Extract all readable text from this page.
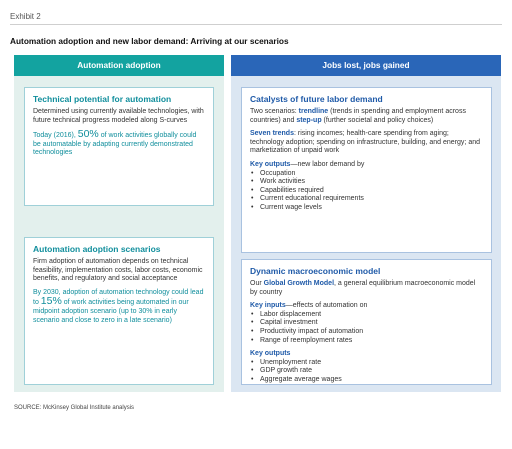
Exhibit 2
Automation adoption and new labor demand: Arriving at our scenarios
Automation adoption
Technical potential for automation

Determined using currently available technologies, with future technical progress modeled along S-curves

Today (2016), 50% of work activities globally could be automatable by adapting currently demonstrated technologies

Automation adoption scenarios

Firm adoption of automation depends on technical feasibility, implementation costs, labor costs, economic benefits, and regulatory and social acceptance

By 2030, adoption of automation technology could lead to 15% of work activities being automated in our midpoint adoption scenario (up to 30% in early scenario and close to zero in a late scenario)

Jobs lost, jobs gained
Catalysts of future labor demand

Two scenarios: trendline (trends in spending and employment across countries) and step-up (further societal and policy choices)

Seven trends: rising incomes; health-care spending from aging; technology adoption; spending on infrastructure, building, and energy; and marketization of unpaid work

Key outputs—new labor demand by
• Occupation
• Work activities
• Capabilities required
• Current educational requirements
• Current wage levels
Dynamic macroeconomic model

Our Global Growth Model, a general equilibrium macroeconomic model by country

Key inputs—effects of automation on
• Labor displacement
• Capital investment
• Productivity impact of automation
• Range of reemployment rates
Key outputs
• Unemployment rate
• GDP growth rate
• Aggregate average wages
SOURCE: McKinsey Global Institute analysis
